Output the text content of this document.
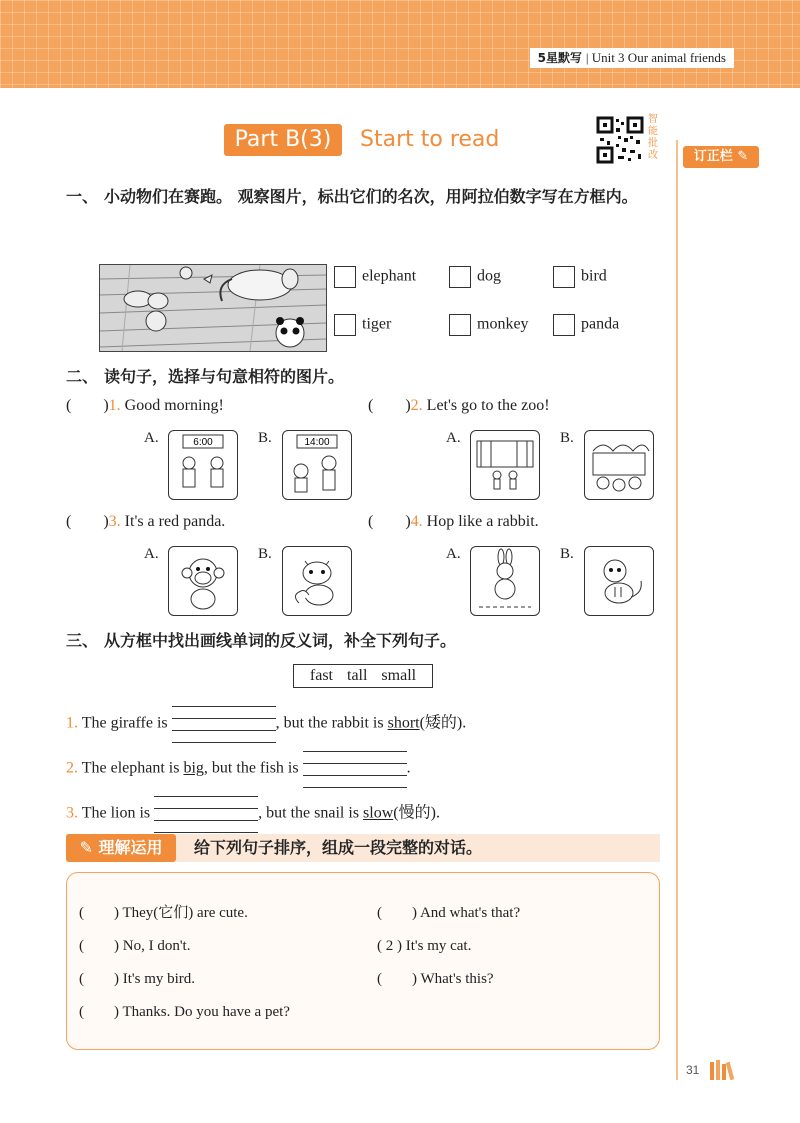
5星默写 | Unit 3 Our animal friends
订正栏 ✎
Part B(3)	Start to read
智能批改
一、 小动物们在赛跑。 观察图片，标出它们的名次，用阿拉伯数字写在方框内。
elephant	dog	bird
tiger	monkey	panda
二、 读句子，选择与句意相符的图片。
(　　)1. Good morning!	(　　)2. Let's go to the zoo!
A.	6:00	B.	14:00	A.	B.
(　　)3. It's a red panda.	(　　)4. Hop like a rabbit.
A.	B.	A.	B.
三、 从方框中找出画线单词的反义词，补全下列句子。
fast tall small
1. The giraffe is	, but the rabbit is short(矮的).
2. The elephant is big, but the fish is	.
3. The lion is	, but the snail is slow(慢的).
✎ 理解运用	给下列句子排序，组成一段完整的对话。
(　　) They(它们) are cute.
(　　) No, I don't.
(　　) It's my bird.
(　　) Thanks. Do you have a pet?
(　　) And what's that?
( 2 ) It's my cat.
(　　) What's this?
31
